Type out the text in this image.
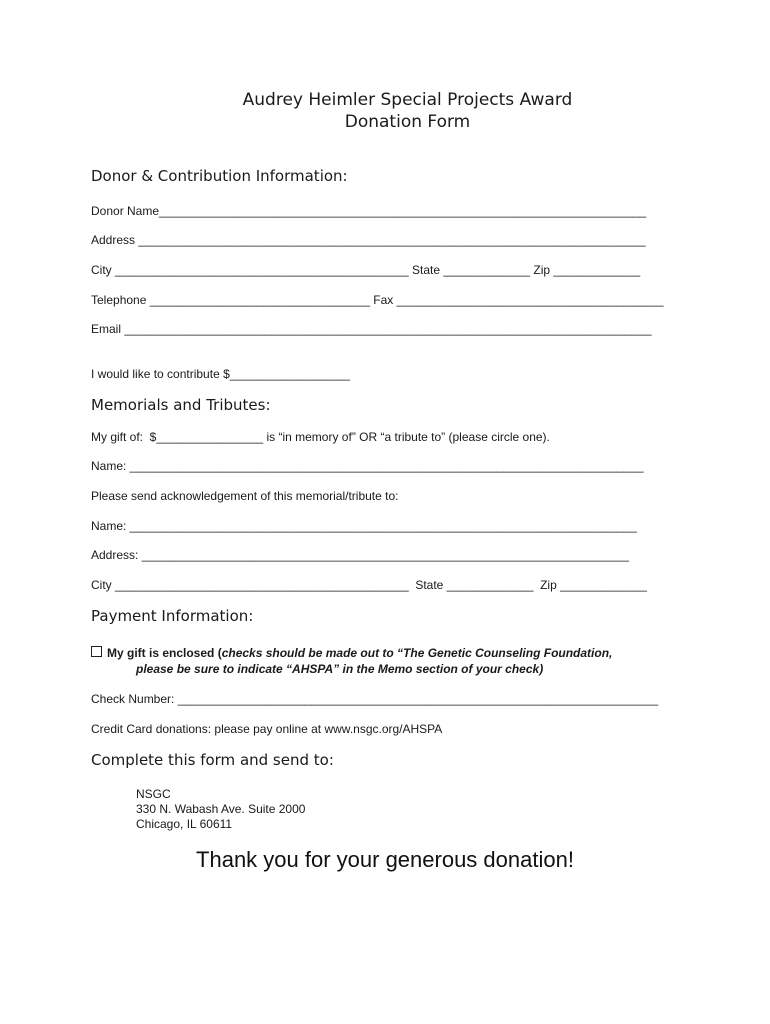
Audrey Heimler Special Projects Award
Donation Form
Donor & Contribution Information:
Donor Name_________________________________________________________________________
Address ____________________________________________________________________________
City ____________________________________________ State _____________ Zip _____________
Telephone _________________________________ Fax ________________________________________
Email _______________________________________________________________________________
I would like to contribute $__________________
Memorials and Tributes:
My gift of:  $________________ is “in memory of” OR “a tribute to” (please circle one).
Name: _____________________________________________________________________________
Please send acknowledgement of this memorial/tribute to:
Name: ____________________________________________________________________________
Address: _________________________________________________________________________
City ____________________________________________  State _____________  Zip _____________
Payment Information:
My gift is enclosed (checks should be made out to “The Genetic Counseling Foundation,
please be sure to indicate “AHSPA” in the Memo section of your check)
Check Number: ________________________________________________________________________
Credit Card donations: please pay online at www.nsgc.org/AHSPA
Complete this form and send to:
NSGC
330 N. Wabash Ave. Suite 2000
Chicago, IL 60611
Thank you for your generous donation!
